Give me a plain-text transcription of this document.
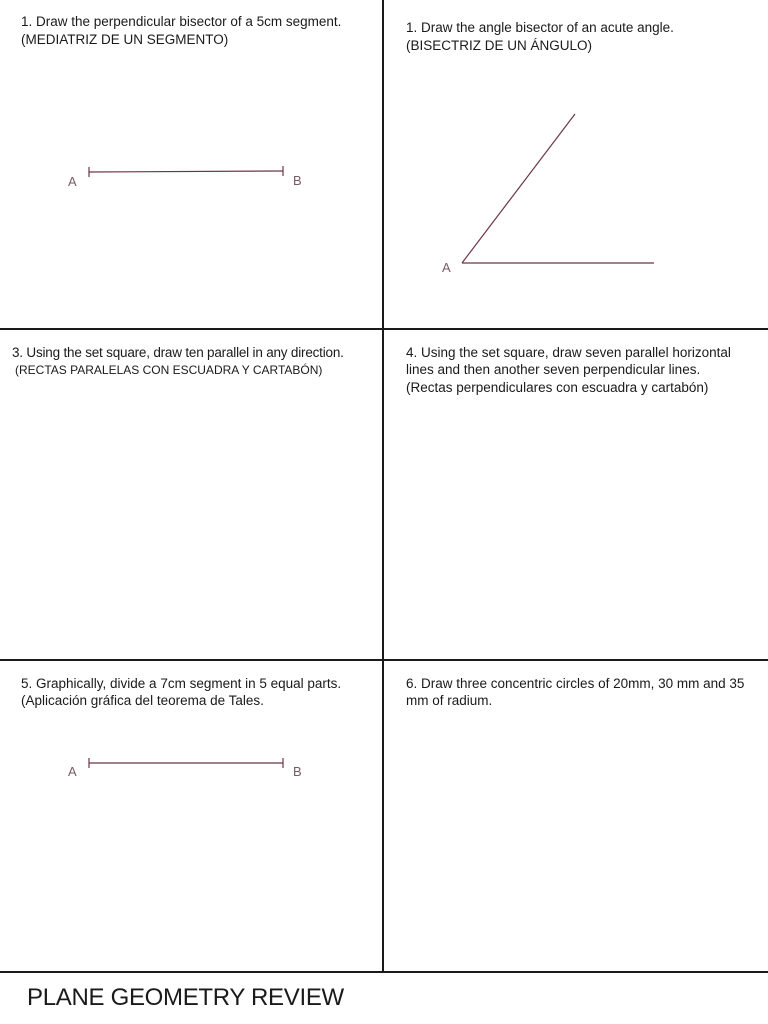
1. Draw the perpendicular bisector of a 5cm segment.

(MEDIATRIZ DE UN SEGMENTO)

A	B

1. Draw the angle bisector of an acute angle.

(BISECTRIZ DE UN ÁNGULO)

A

3. Using the set square, draw ten parallel in any direction.

(RECTAS PARALELAS CON ESCUADRA Y CARTABÓN)

4. Using the set square, draw seven parallel horizontal lines and then another seven perpendicular lines.

(Rectas perpendiculares con escuadra y cartabón)

5. Graphically, divide a 7cm segment in 5 equal parts.

(Aplicación gráfica del teorema de Tales.

A	B

6. Draw three concentric circles of 20mm, 30 mm and 35 mm of radium.

PLANE GEOMETRY REVIEW
